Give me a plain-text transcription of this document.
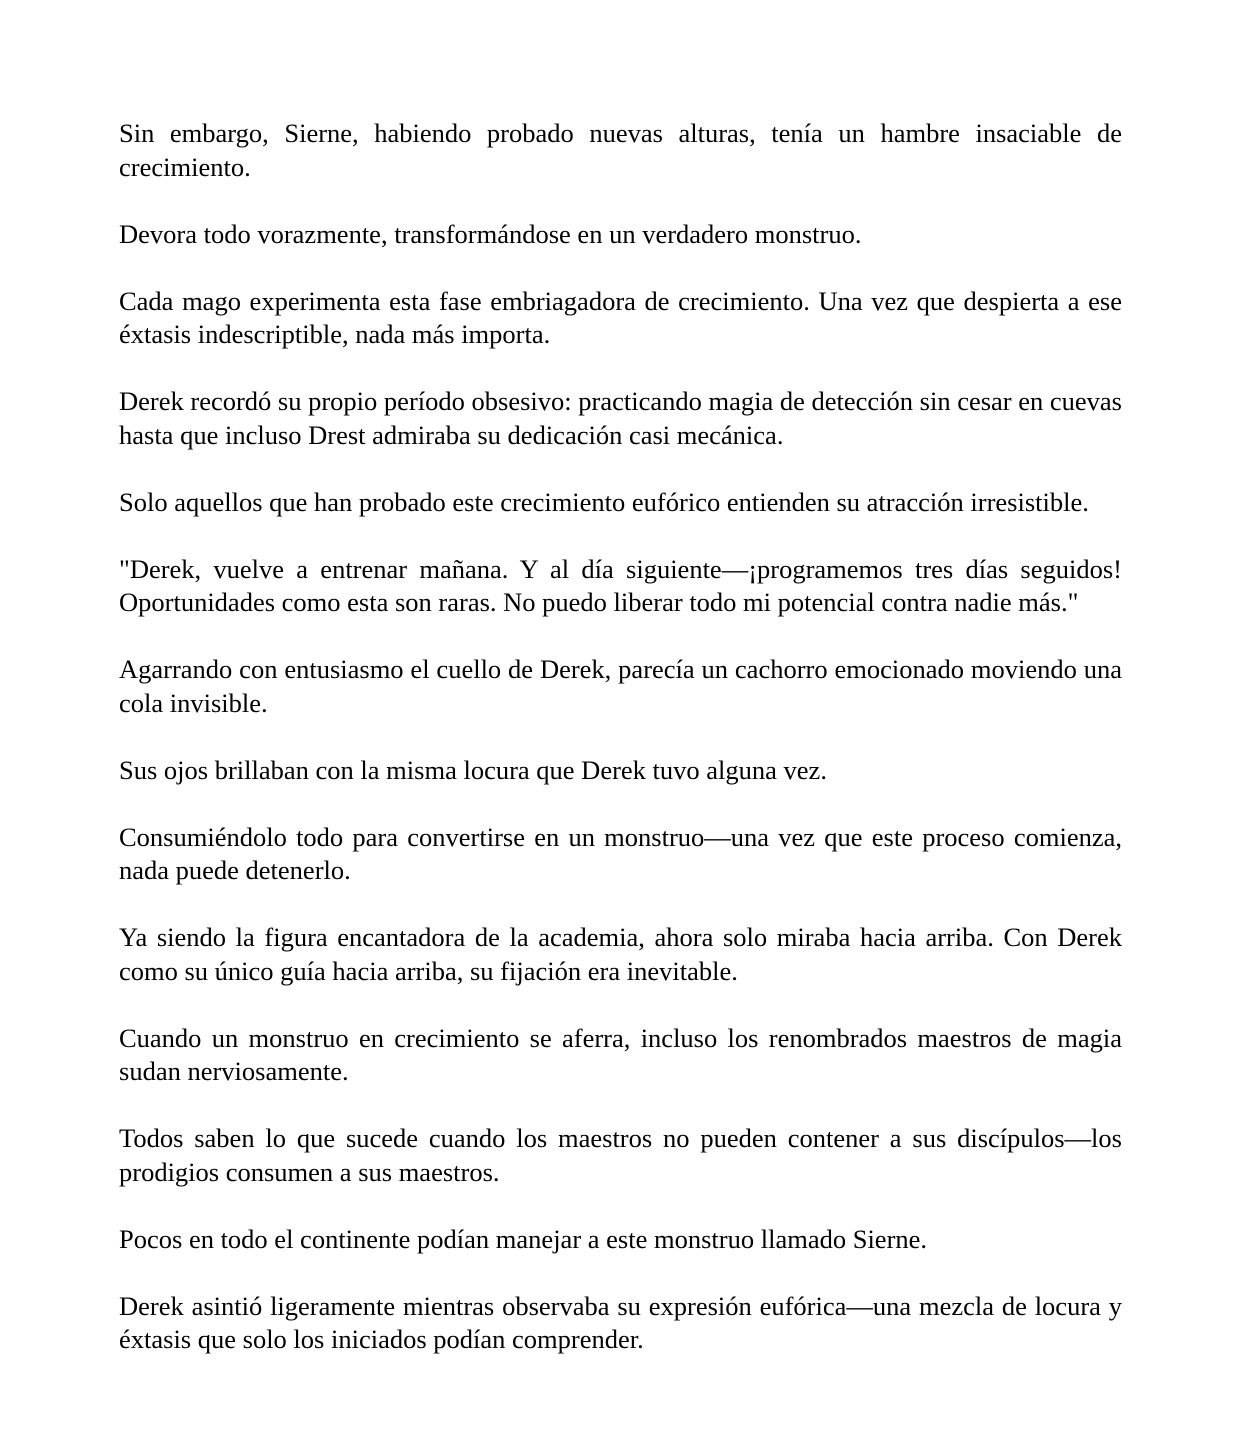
Sin embargo, Sierne, habiendo probado nuevas alturas, tenía un hambre insaciable de crecimiento.

Devora todo vorazmente, transformándose en un verdadero monstruo.

Cada mago experimenta esta fase embriagadora de crecimiento. Una vez que despierta a ese éxtasis indescriptible, nada más importa.

Derek recordó su propio período obsesivo: practicando magia de detección sin cesar en cuevas hasta que incluso Drest admiraba su dedicación casi mecánica.

Solo aquellos que han probado este crecimiento eufórico entienden su atracción irresistible.

"Derek, vuelve a entrenar mañana. Y al día siguiente—¡programemos tres días seguidos! Oportunidades como esta son raras. No puedo liberar todo mi potencial contra nadie más."

Agarrando con entusiasmo el cuello de Derek, parecía un cachorro emocionado moviendo una cola invisible.

Sus ojos brillaban con la misma locura que Derek tuvo alguna vez.

Consumiéndolo todo para convertirse en un monstruo—una vez que este proceso comienza, nada puede detenerlo.

Ya siendo la figura encantadora de la academia, ahora solo miraba hacia arriba. Con Derek como su único guía hacia arriba, su fijación era inevitable.

Cuando un monstruo en crecimiento se aferra, incluso los renombrados maestros de magia sudan nerviosamente.

Todos saben lo que sucede cuando los maestros no pueden contener a sus discípulos—los prodigios consumen a sus maestros.

Pocos en todo el continente podían manejar a este monstruo llamado Sierne.

Derek asintió ligeramente mientras observaba su expresión eufórica—una mezcla de locura y éxtasis que solo los iniciados podían comprender.
